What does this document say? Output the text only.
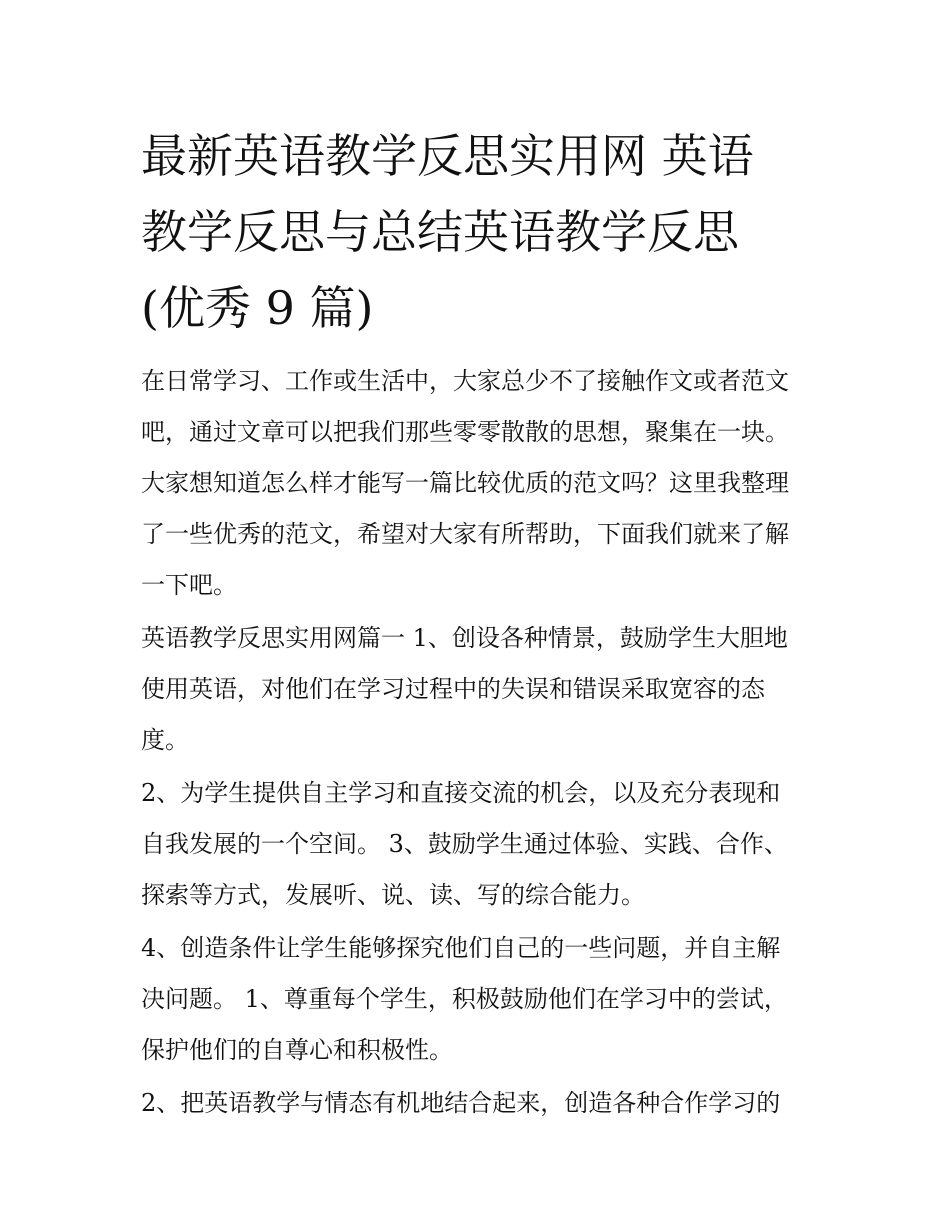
最新英语教学反思实用网 英语
教学反思与总结英语教学反思
(优秀 9 篇)

在日常学习、工作或生活中，大家总少不了接触作文或者范文
吧，通过文章可以把我们那些零零散散的思想，聚集在一块。
大家想知道怎么样才能写一篇比较优质的范文吗？这里我整理
了一些优秀的范文，希望对大家有所帮助，下面我们就来了解
一下吧。

英语教学反思实用网篇一 1、创设各种情景，鼓励学生大胆地
使用英语，对他们在学习过程中的失误和错误采取宽容的态
度。

2、为学生提供自主学习和直接交流的机会，以及充分表现和
自我发展的一个空间。 3、鼓励学生通过体验、实践、合作、
探索等方式，发展听、说、读、写的综合能力。

4、创造条件让学生能够探究他们自己的一些问题，并自主解
决问题。 1、尊重每个学生，积极鼓励他们在学习中的尝试，
保护他们的自尊心和积极性。

2、把英语教学与情态有机地结合起来，创造各种合作学习的
